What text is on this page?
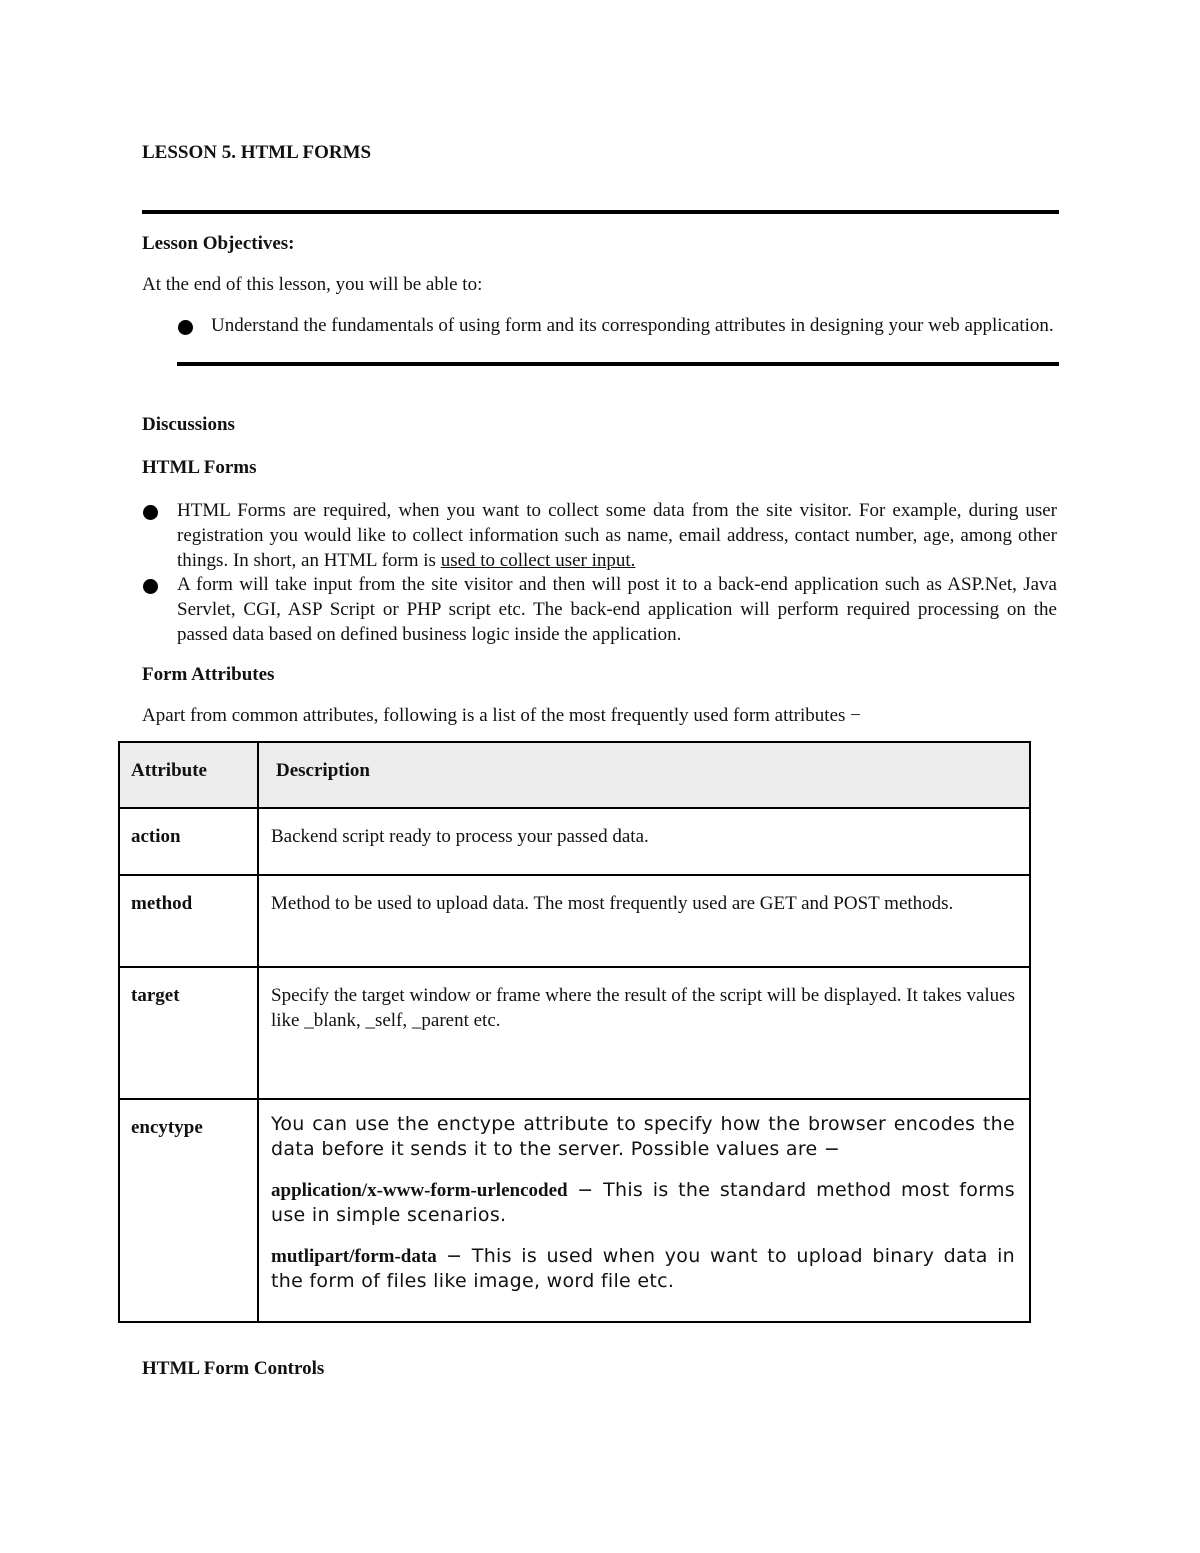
LESSON 5. HTML FORMS
Lesson Objectives:
At the end of this lesson, you will be able to:
Understand the fundamentals of using form and its corresponding attributes in designing your web application.
Discussions
HTML Forms
HTML Forms are required, when you want to collect some data from the site visitor. For example, during user registration you would like to collect information such as name, email address, contact number, age, among other things. In short, an HTML form is used to collect user input.
A form will take input from the site visitor and then will post it to a back-end application such as ASP.Net, Java Servlet, CGI, ASP Script or PHP script etc. The back-end application will perform required processing on the passed data based on defined business logic inside the application.
Form Attributes
Apart from common attributes, following is a list of the most frequently used form attributes −
Attribute	Description
action	Backend script ready to process your passed data.
method	Method to be used to upload data. The most frequently used are GET and POST methods.
target	Specify the target window or frame where the result of the script will be displayed. It takes values like _blank, _self, _parent etc.
encytype	You can use the enctype attribute to specify how the browser encodes the data before it sends it to the server. Possible values are −

application/x-www-form-urlencoded − This is the standard method most forms use in simple scenarios.

mutlipart/form-data − This is used when you want to upload binary data in the form of files like image, word file etc.

HTML Form Controls
